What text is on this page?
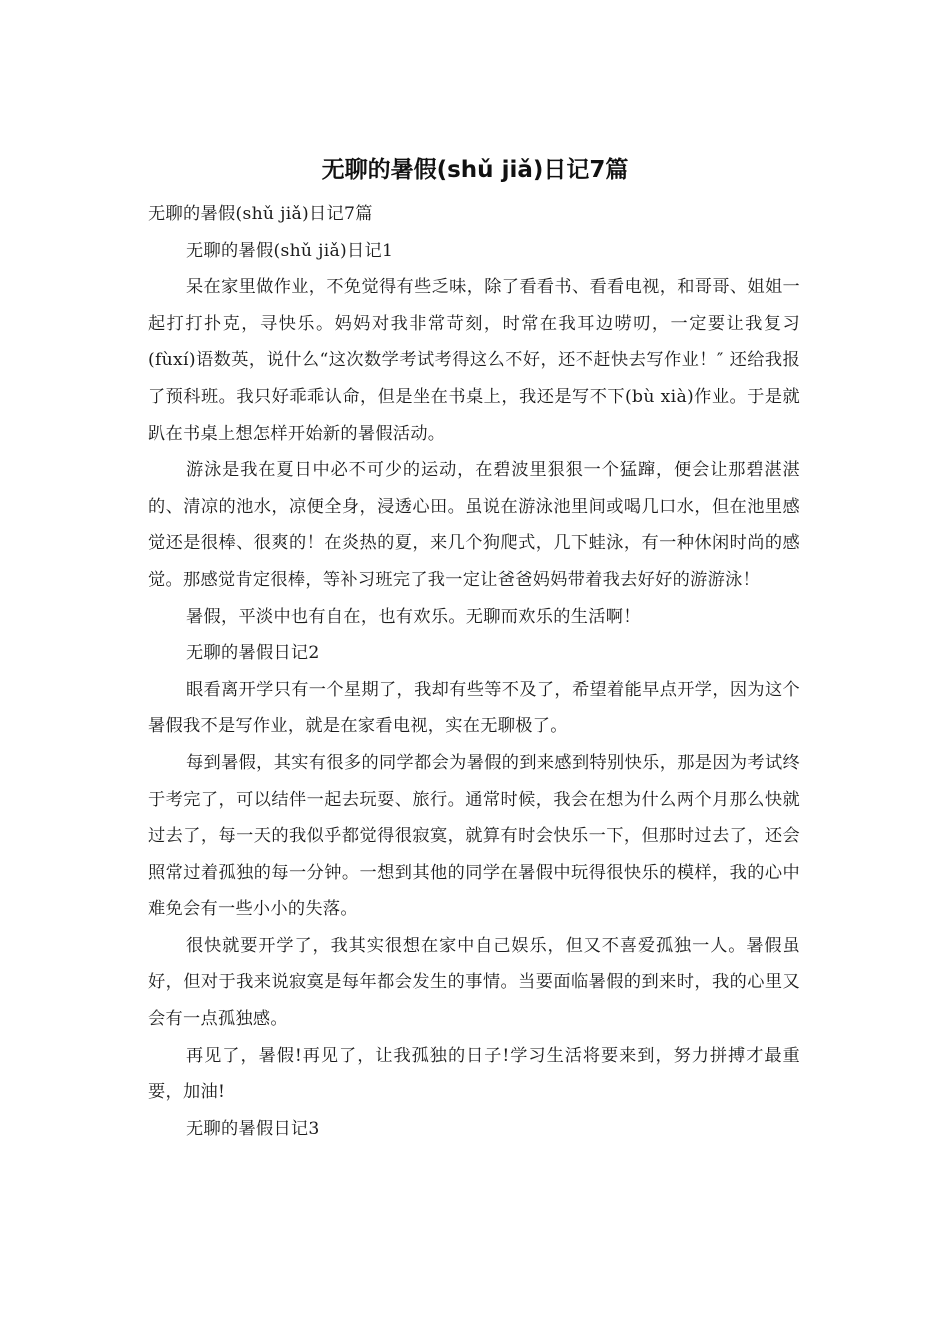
无聊的暑假(shǔ jiǎ)日记7篇

无聊的暑假(shǔ jiǎ)日记7篇

无聊的暑假(shǔ jiǎ)日记1

呆在家里做作业，不免觉得有些乏味，除了看看书、看看电视，和哥哥、姐姐一起打打扑克，寻快乐。妈妈对我非常苛刻，时常在我耳边唠叨，一定要让我复习(fùxí)语数英，说什么“这次数学考试考得这么不好，还不赶快去写作业！″ 还给我报了预科班。我只好乖乖认命，但是坐在书桌上，我还是写不下(bù xià)作业。于是就趴在书桌上想怎样开始新的暑假活动。

游泳是我在夏日中必不可少的运动，在碧波里狠狠一个猛蹿，便会让那碧湛湛的、清凉的池水，凉便全身，浸透心田。虽说在游泳池里间或喝几口水，但在池里感觉还是很棒、很爽的！在炎热的夏，来几个狗爬式，几下蛙泳，有一种休闲时尚的感觉。那感觉肯定很棒，等补习班完了我一定让爸爸妈妈带着我去好好的游游泳！

暑假，平淡中也有自在，也有欢乐。无聊而欢乐的生活啊！

无聊的暑假日记2

眼看离开学只有一个星期了，我却有些等不及了，希望着能早点开学，因为这个暑假我不是写作业，就是在家看电视，实在无聊极了。

每到暑假，其实有很多的同学都会为暑假的到来感到特别快乐，那是因为考试终于考完了，可以结伴一起去玩耍、旅行。通常时候，我会在想为什么两个月那么快就过去了，每一天的我似乎都觉得很寂寞，就算有时会快乐一下，但那时过去了，还会照常过着孤独的每一分钟。一想到其他的同学在暑假中玩得很快乐的模样，我的心中难免会有一些小小的失落。

很快就要开学了，我其实很想在家中自己娱乐，但又不喜爱孤独一人。暑假虽好，但对于我来说寂寞是每年都会发生的事情。当要面临暑假的到来时，我的心里又会有一点孤独感。

再见了，暑假!再见了，让我孤独的日子!学习生活将要来到，努力拼搏才最重要，加油!

无聊的暑假日记3
